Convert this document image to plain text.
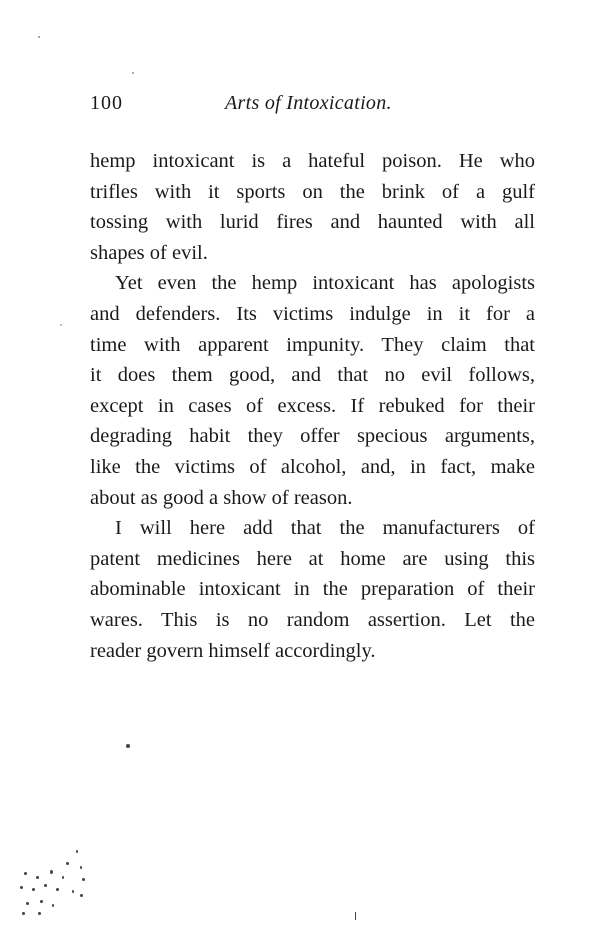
100	Arts of Intoxication.
hemp intoxicant is a hateful poison. He who
trifles with it sports on the brink of a gulf
tossing with lurid fires and haunted with all
shapes of evil.
Yet even the hemp intoxicant has apologists
and defenders. Its victims indulge in it for a
time with apparent impunity. They claim that
it does them good, and that no evil follows,
except in cases of excess. If rebuked for their
degrading habit they offer specious arguments,
like the victims of alcohol, and, in fact, make
about as good a show of reason.
I will here add that the manufacturers of
patent medicines here at home are using this
abominable intoxicant in the preparation of their
wares. This is no random assertion. Let the
reader govern himself accordingly.
